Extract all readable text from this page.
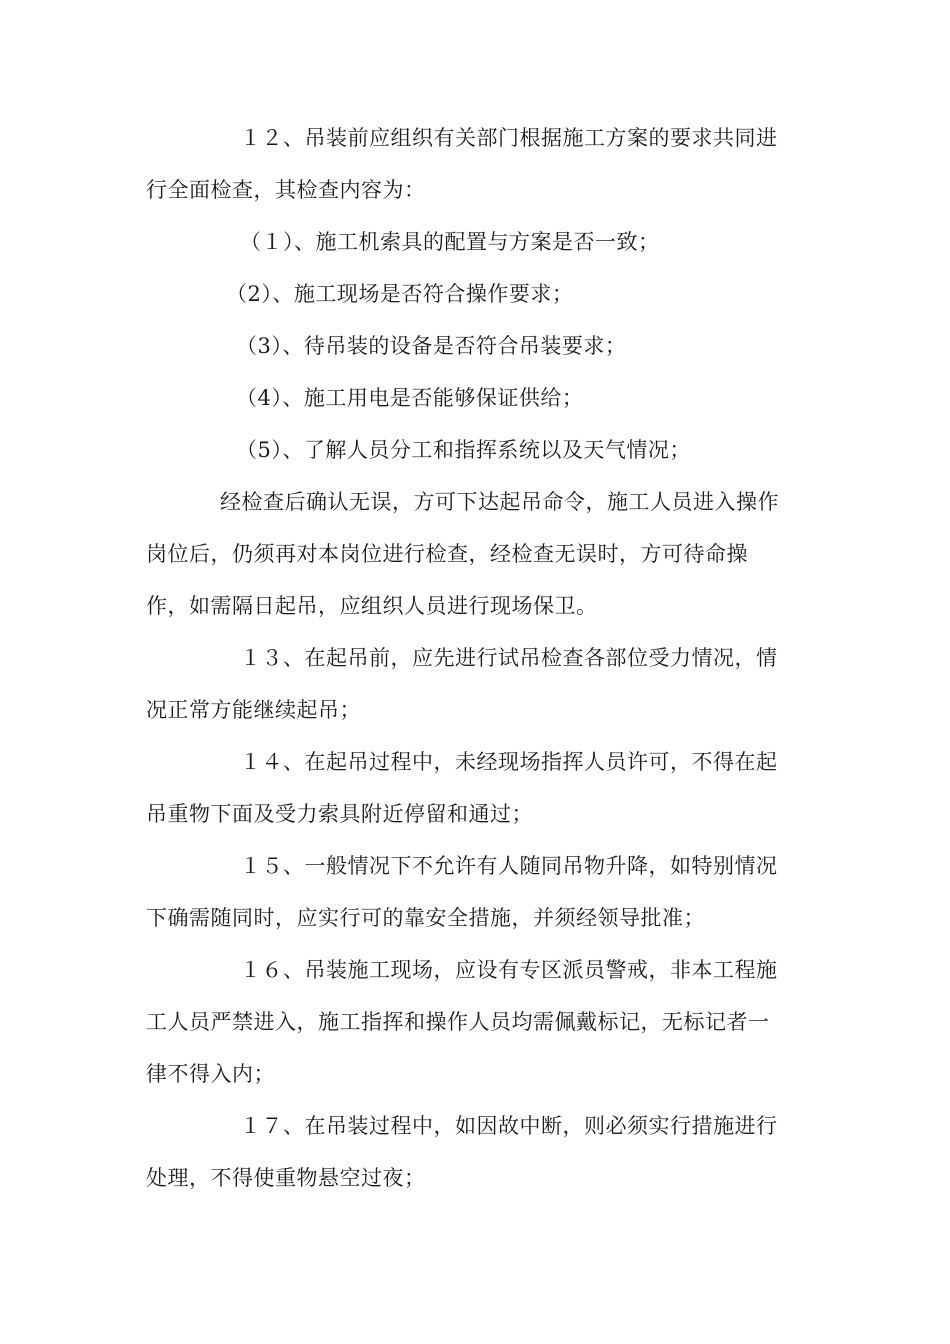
１２、吊装前应组织有关部门根据施工方案的要求共同进
行全面检查，其检查内容为：
（１）、施工机索具的配置与方案是否一致；
（2）、施工现场是否符合操作要求；
（3）、待吊装的设备是否符合吊装要求；
（4）、施工用电是否能够保证供给；
（5）、了解人员分工和指挥系统以及天气情况；
经检查后确认无误，方可下达起吊命令，施工人员进入操作
岗位后，仍须再对本岗位进行检查，经检查无误时，方可待命操
作，如需隔日起吊，应组织人员进行现场保卫。
１３、在起吊前，应先进行试吊检查各部位受力情况，情
况正常方能继续起吊；
１４、在起吊过程中，未经现场指挥人员许可，不得在起
吊重物下面及受力索具附近停留和通过；
１５、一般情况下不允许有人随同吊物升降，如特别情况
下确需随同时，应实行可的靠安全措施，并须经领导批准；
１６、吊装施工现场，应设有专区派员警戒，非本工程施
工人员严禁进入，施工指挥和操作人员均需佩戴标记，无标记者一
律不得入内；
１７、在吊装过程中，如因故中断，则必须实行措施进行
处理，不得使重物悬空过夜；
